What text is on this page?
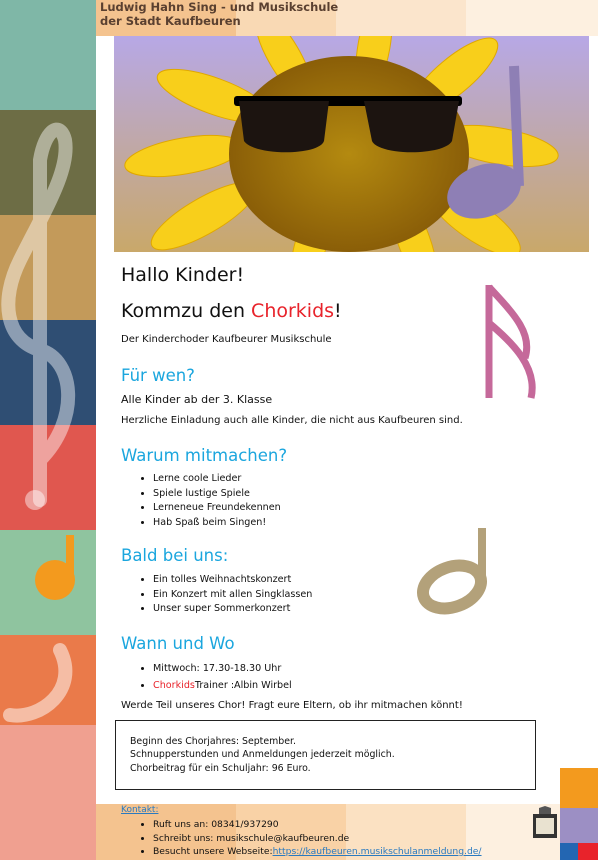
Ludwig Hahn Sing - und Musikschule
der Stadt Kaufbeuren
Hallo Kinder!
Kommzu den Chorkids!
Der Kinderchoder Kaufbeurer Musikschule
Für wen?
Alle Kinder ab der 3. Klasse
Herzliche Einladung auch alle Kinder, die nicht aus Kaufbeuren sind.
Warum mitmachen?
• Lerne coole Lieder
• Spiele lustige Spiele
• Lerneneue Freundekennen
• Hab Spaß beim Singen!
Bald bei uns:
• Ein tolles Weihnachtskonzert
• Ein Konzert mit allen Singklassen
• Unser super Sommerkonzert
Wann und Wo
• Mittwoch: 17.30-18.30 Uhr
• ChorkidsTrainer :Albin Wirbel
Werde Teil unseres Chor! Fragt eure Eltern, ob ihr mitmachen könnt!
Beginn des Chorjahres: September.
Schnupperstunden und Anmeldungen jederzeit möglich.
Chorbeitrag für ein Schuljahr: 96 Euro.
Kontakt:
• Ruft uns an: 08341/937290
• Schreibt uns: musikschule@kaufbeuren.de
• Besucht unsere Webseite:https://kaufbeuren.musikschulanmeldung.de/
